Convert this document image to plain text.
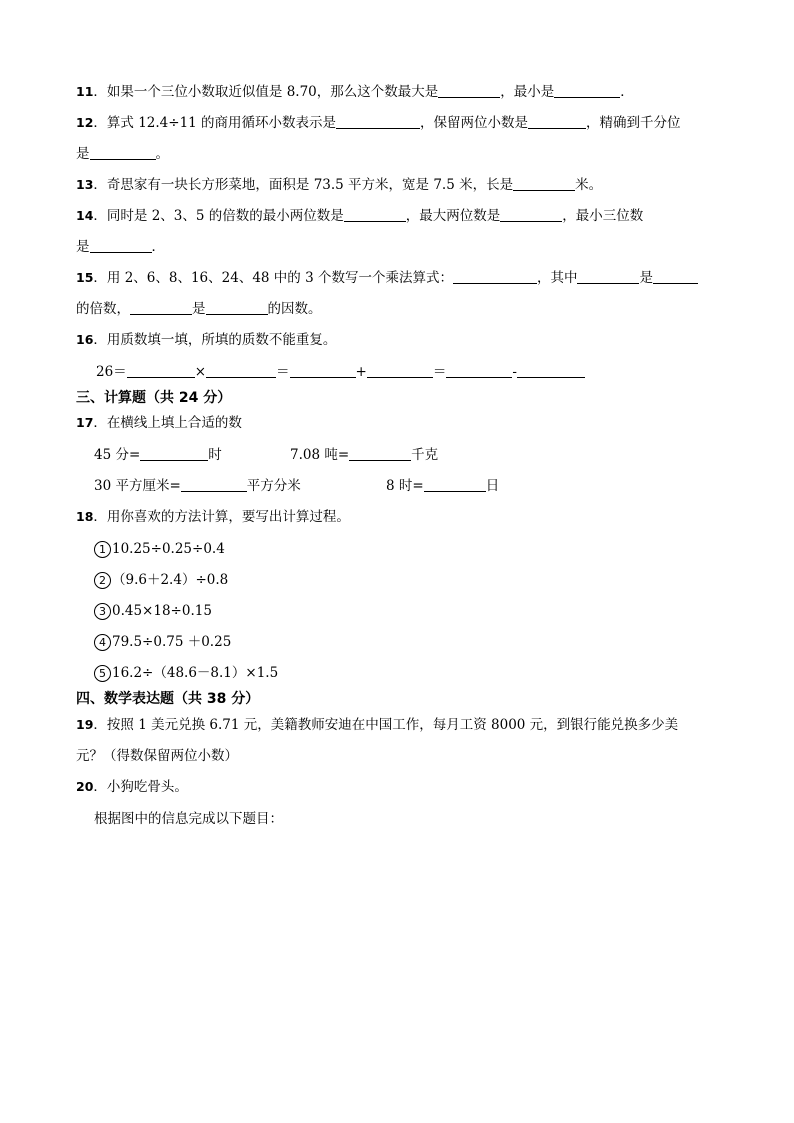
11．如果一个三位小数取近似值是 8.70，那么这个数最大是	，最小是	．
12．算式 12.4÷11 的商用循环小数表示是	，保留两位小数是	，精确到千分位
是	。
13．奇思家有一块长方形菜地，面积是 73.5 平方米，宽是 7.5 米，长是	米。
14．同时是 2、3、5 的倍数的最小两位数是	，最大两位数是	，最小三位数
是	．
15．用 2、6、8、16、24、48 中的 3 个数写一个乘法算式：	，其中	是
的倍数，	是	的因数。
16．用质数填一填，所填的质数不能重复。
26＝	×	＝	+	＝	-
三、计算题（共 24 分）
17．在横线上填上合适的数
45 分=	时	7.08 吨=	千克
30 平方厘米=	平方分米	8 时=	日
18．用你喜欢的方法计算，要写出计算过程。
1 10.25÷0.25÷0.4
2 （9.6＋2.4）÷0.8
3 0.45×18÷0.15
4 79.5÷0.75 ＋0.25
5 16.2÷（48.6－8.1）×1.5
四、数学表达题（共 38 分）
19．按照 1 美元兑换 6.71 元，美籍教师安迪在中国工作，每月工资 8000 元，到银行能兑换多少美
元？（得数保留两位小数）
20．小狗吃骨头。
根据图中的信息完成以下题目：
